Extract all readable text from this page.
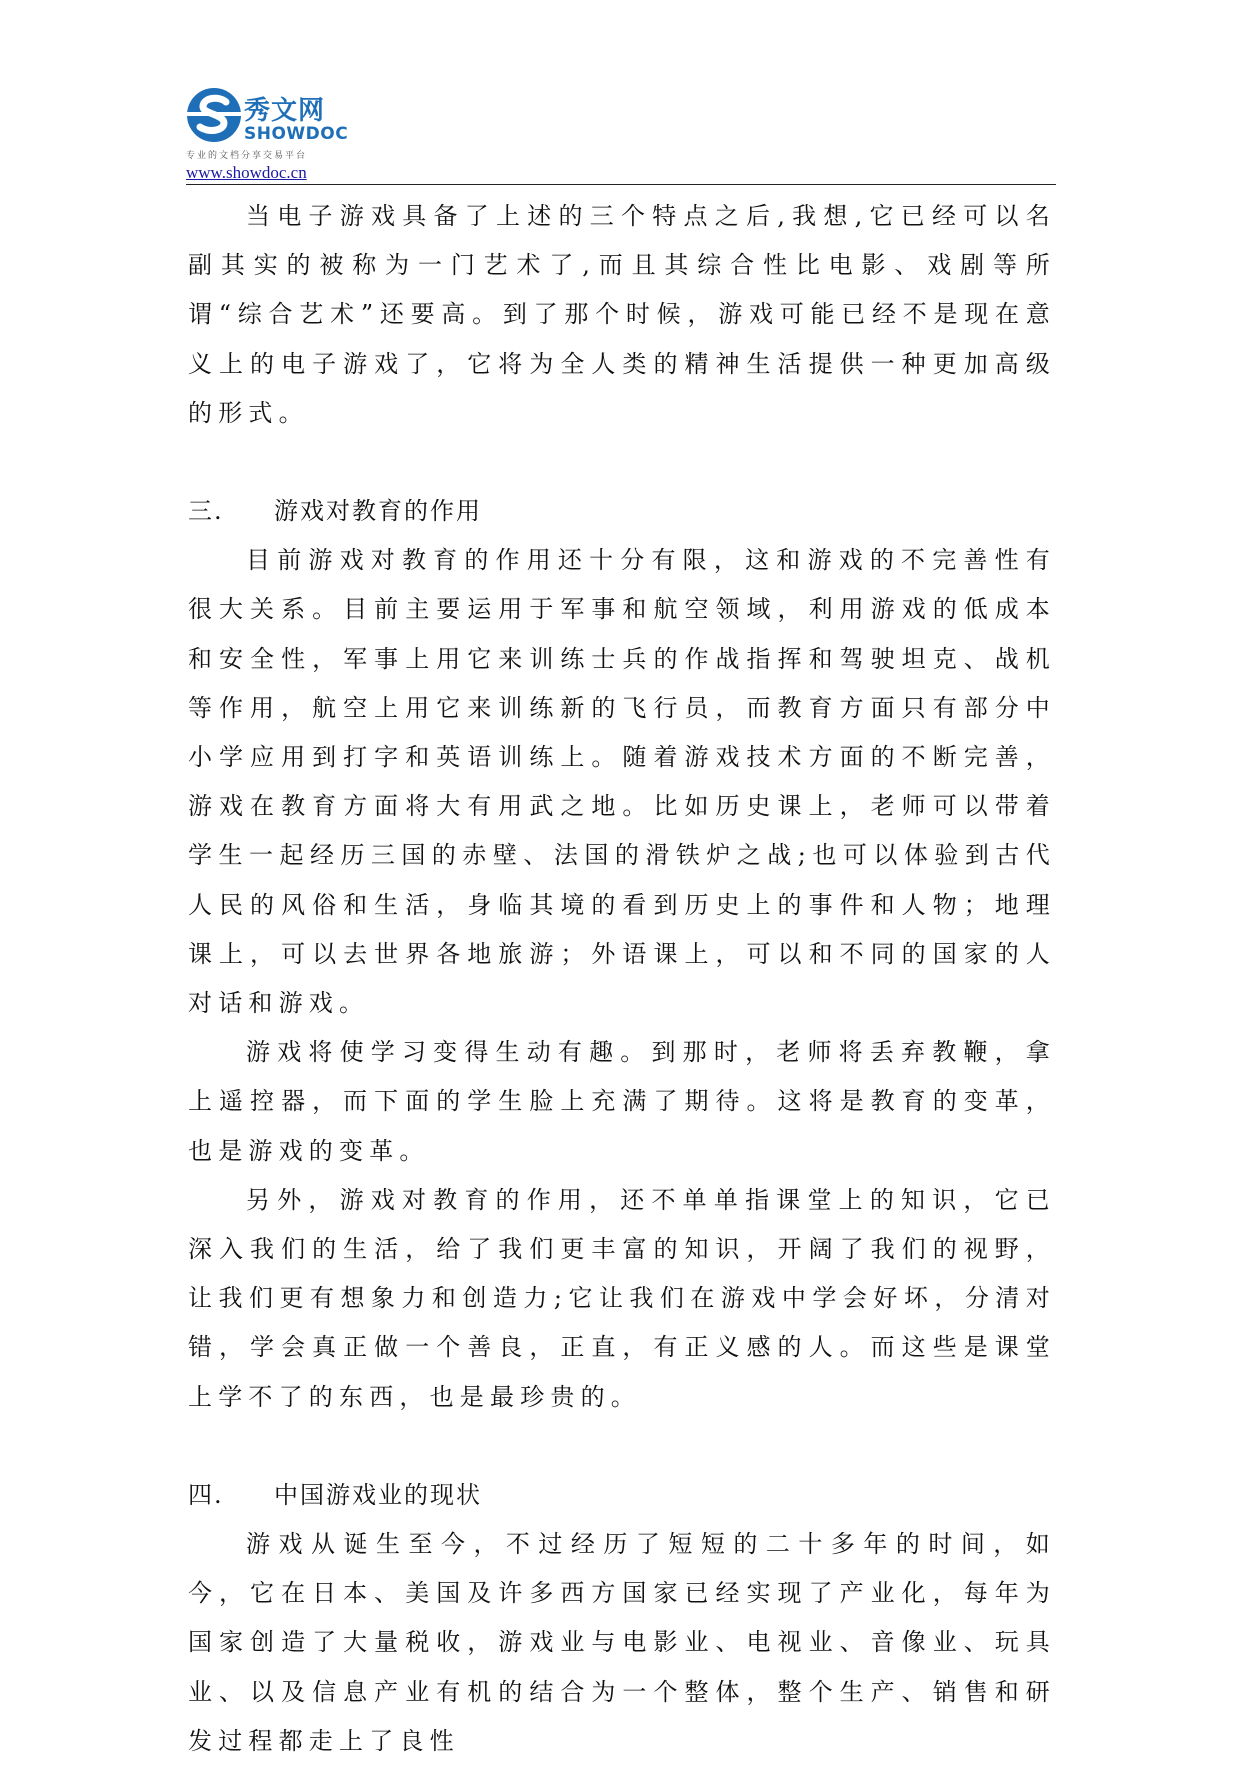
秀文网
SHOWDOC
专业的文档分享交易平台
www.showdoc.cn

当电子游戏具备了上述的三个特点之后,我想,它已经可以名副其实的被称为一门艺术了,而且其综合性比电影、戏剧等所谓“综合艺术”还要高。到了那个时候，游戏可能已经不是现在意义上的电子游戏了，它将为全人类的精神生活提供一种更加高级的形式。

三. 游戏对教育的作用

目前游戏对教育的作用还十分有限，这和游戏的不完善性有很大关系。目前主要运用于军事和航空领域，利用游戏的低成本和安全性，军事上用它来训练士兵的作战指挥和驾驶坦克、战机等作用，航空上用它来训练新的飞行员，而教育方面只有部分中小学应用到打字和英语训练上。随着游戏技术方面的不断完善，游戏在教育方面将大有用武之地。比如历史课上，老师可以带着学生一起经历三国的赤壁、法国的滑铁炉之战;也可以体验到古代人民的风俗和生活，身临其境的看到历史上的事件和人物；地理课上，可以去世界各地旅游；外语课上，可以和不同的国家的人对话和游戏。

游戏将使学习变得生动有趣。到那时，老师将丢弃教鞭，拿上遥控器，而下面的学生脸上充满了期待。这将是教育的变革，也是游戏的变革。

另外，游戏对教育的作用，还不单单指课堂上的知识，它已深入我们的生活，给了我们更丰富的知识，开阔了我们的视野，让我们更有想象力和创造力;它让我们在游戏中学会好坏，分清对错，学会真正做一个善良，正直，有正义感的人。而这些是课堂上学不了的东西，也是最珍贵的。

四. 中国游戏业的现状

游戏从诞生至今，不过经历了短短的二十多年的时间，如今，它在日本、美国及许多西方国家已经实现了产业化，每年为国家创造了大量税收，游戏业与电影业、电视业、音像业、玩具业、以及信息产业有机的结合为一个整体，整个生产、销售和研发过程都走上了良性
